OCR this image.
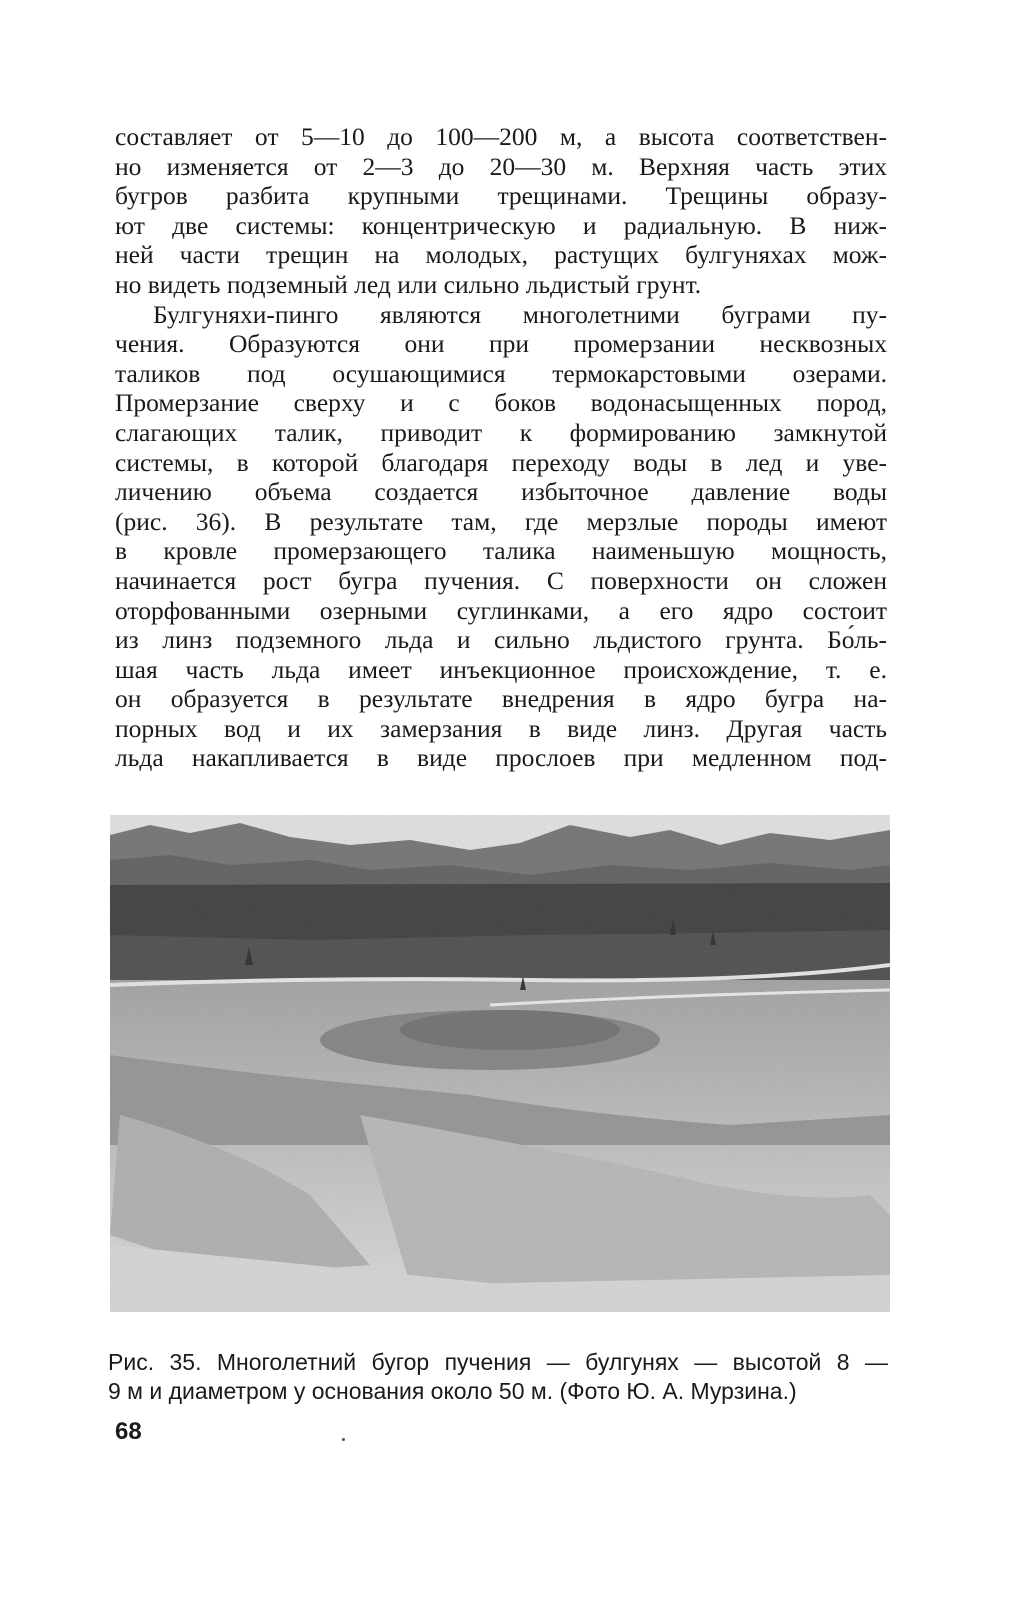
составляет от 5—10 до 100—200 м, а высота соответствен-
но изменяется от 2—3 до 20—30 м. Верхняя часть этих
бугров разбита крупными трещинами. Трещины образу-
ют две системы: концентрическую и радиальную. В ниж-
ней части трещин на молодых, растущих булгуняхах мож-
но видеть подземный лед или сильно льдистый грунт.
Булгуняхи-пинго являются многолетними буграми пу-
чения. Образуются они при промерзании несквозных
таликов под осушающимися термокарстовыми озерами.
Промерзание сверху и с боков водонасыщенных пород,
слагающих талик, приводит к формированию замкнутой
системы, в которой благодаря переходу воды в лед и уве-
личению объема создается избыточное давление воды
(рис. 36). В результате там, где мерзлые породы имеют
в кровле промерзающего талика наименьшую мощность,
начинается рост бугра пучения. С поверхности он сложен
оторфованными озерными суглинками, а его ядро состоит
из линз подземного льда и сильно льдистого грунта. Бо́ль-
шая часть льда имеет инъекционное происхождение, т. е.
он образуется в результате внедрения в ядро бугра на-
порных вод и их замерзания в виде линз. Другая часть
льда накапливается в виде прослоев при медленном под-
Рис. 35. Многолетний бугор пучения — булгунях — высотой 8 —
9 м и диаметром у основания около 50 м. (Фото Ю. А. Мурзина.)
68
